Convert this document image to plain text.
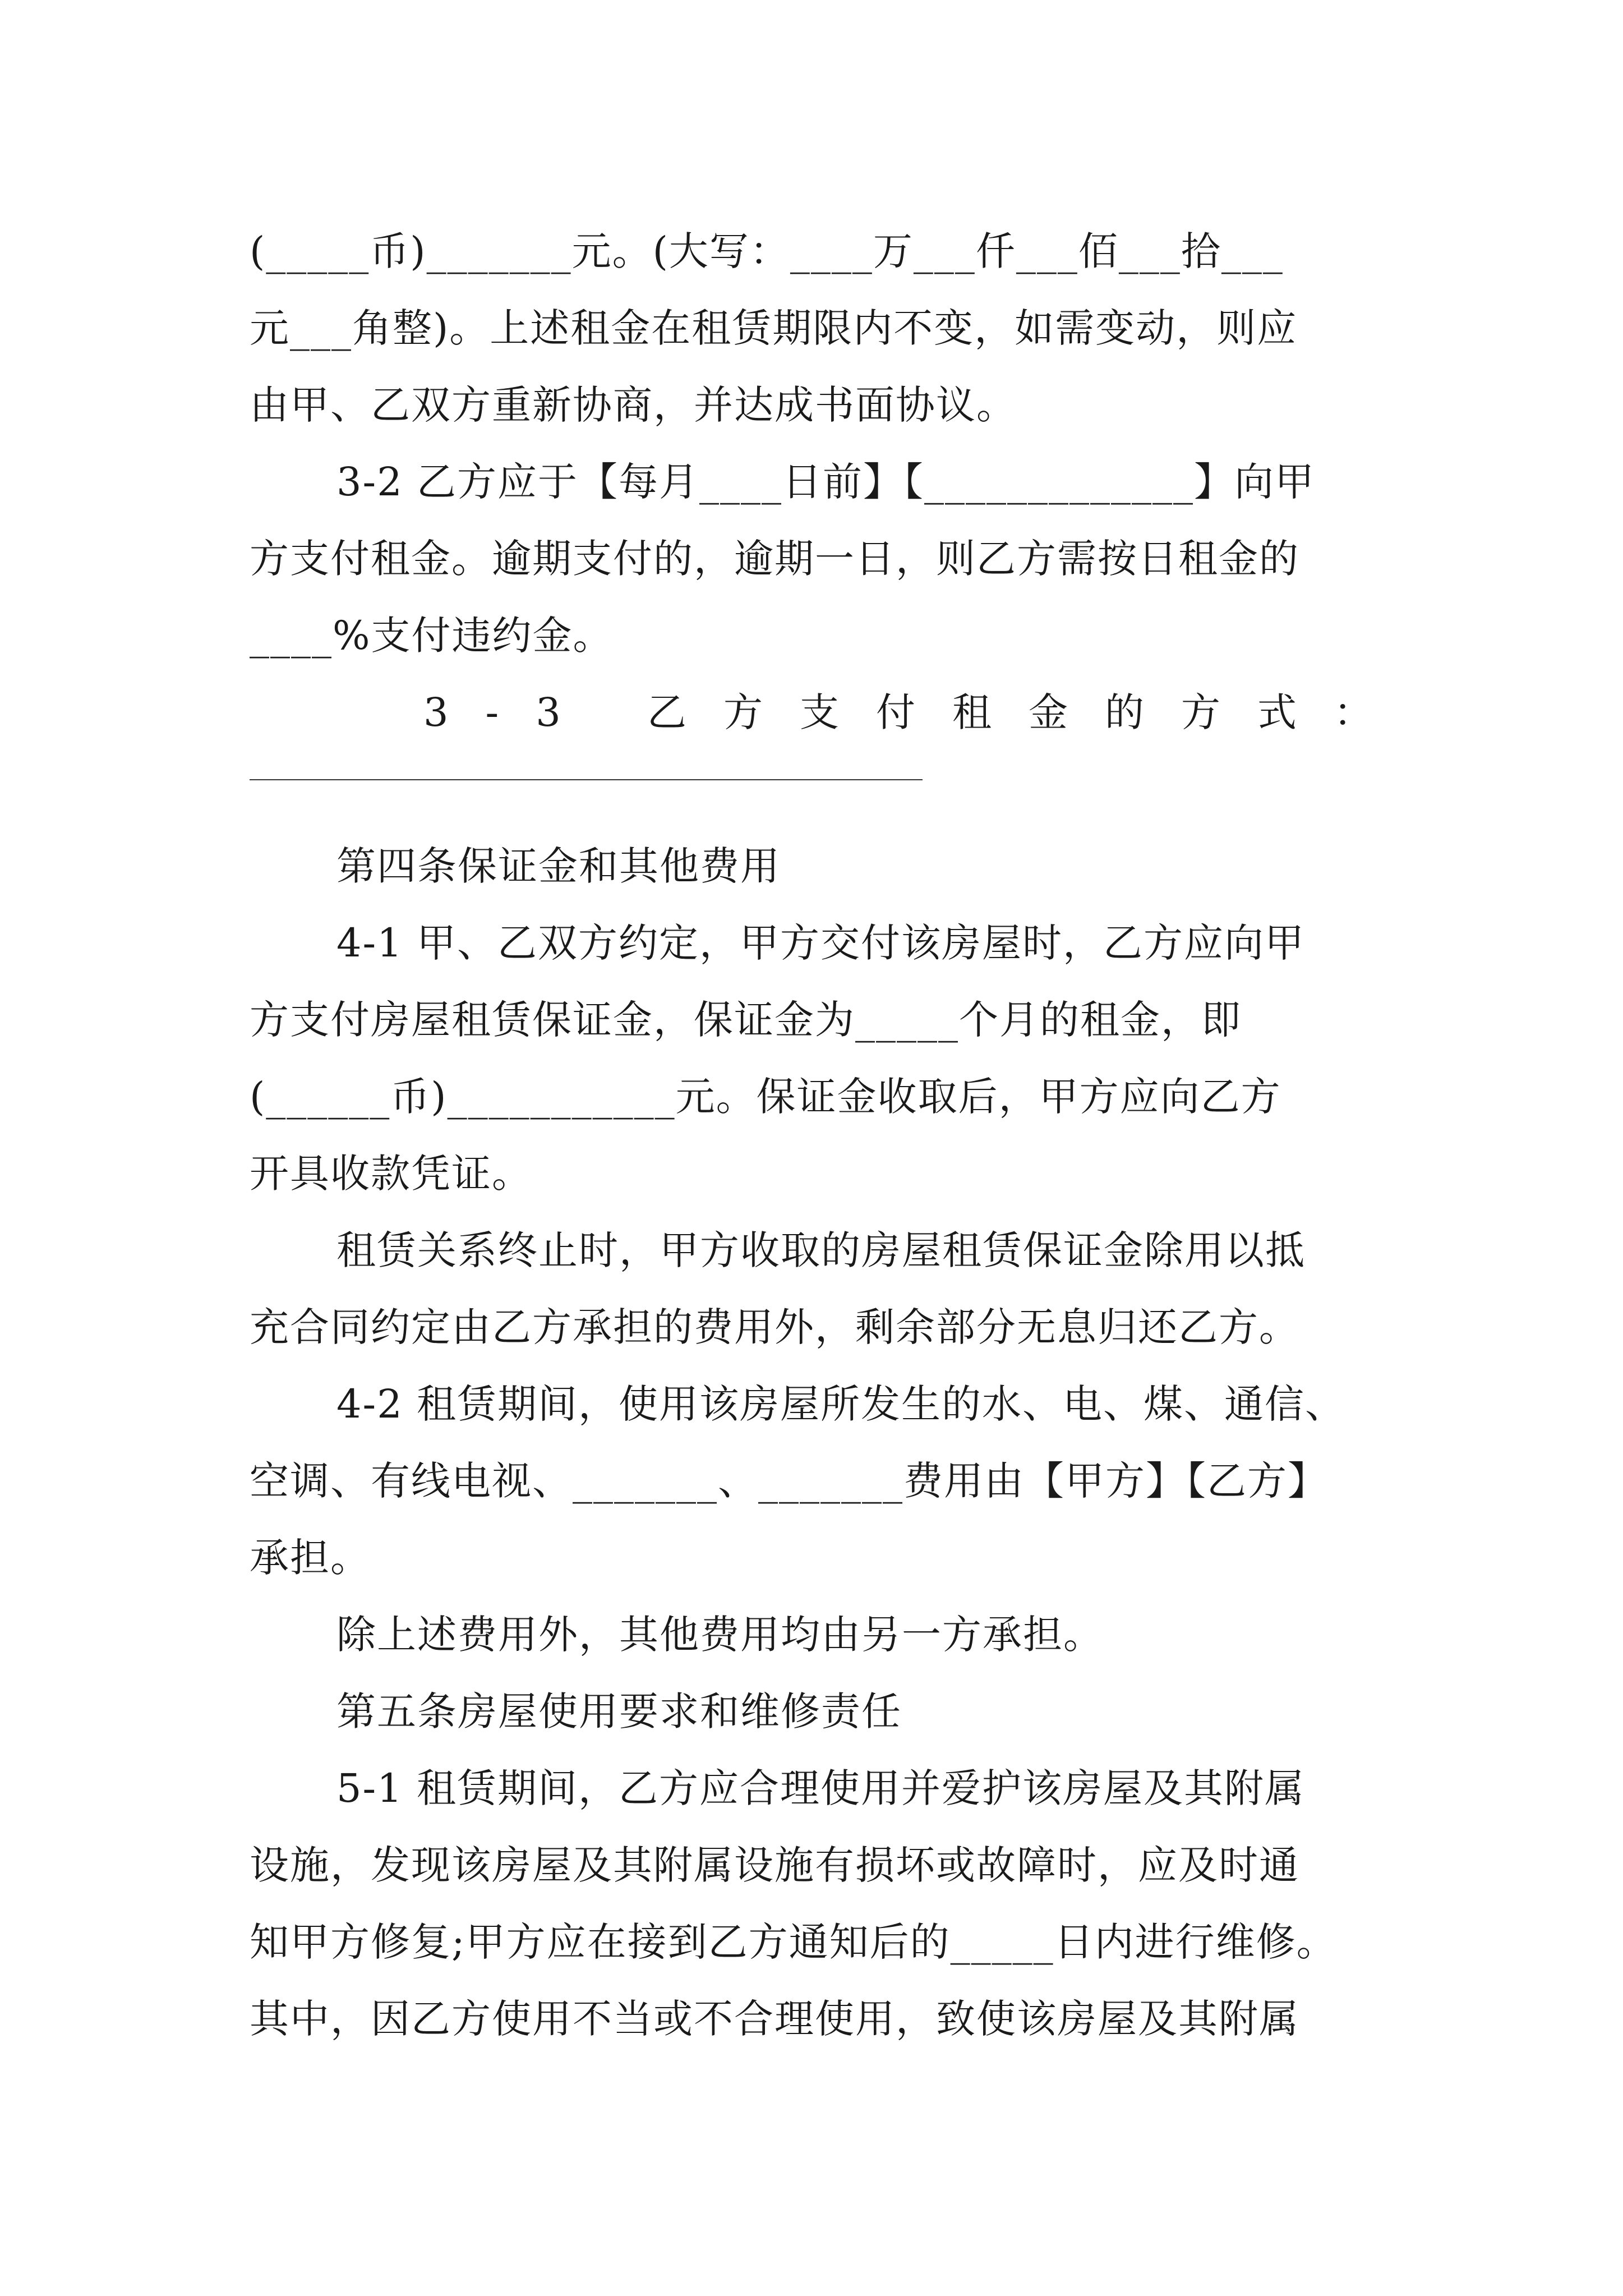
(_____币)_______元。(大写：____万___仟___佰___拾___
元___角整)。上述租金在租赁期限内不变，如需变动，则应
由甲、乙双方重新协商，并达成书面协议。
3-2 乙方应于【每月____日前】【_____________】向甲
方支付租金。逾期支付的，逾期一日，则乙方需按日租金的
____%支付违约金。
3-3 乙方支付租金的方式：
第四条保证金和其他费用
4-1 甲、乙双方约定，甲方交付该房屋时，乙方应向甲
方支付房屋租赁保证金，保证金为_____个月的租金，即
(______币)___________元。保证金收取后，甲方应向乙方
开具收款凭证。
租赁关系终止时，甲方收取的房屋租赁保证金除用以抵
充合同约定由乙方承担的费用外，剩余部分无息归还乙方。
4-2 租赁期间，使用该房屋所发生的水、电、煤、通信、
空调、有线电视、_______、_______费用由【甲方】【乙方】
承担。
除上述费用外，其他费用均由另一方承担。
第五条房屋使用要求和维修责任
5-1 租赁期间，乙方应合理使用并爱护该房屋及其附属
设施，发现该房屋及其附属设施有损坏或故障时，应及时通
知甲方修复;甲方应在接到乙方通知后的_____日内进行维修。
其中，因乙方使用不当或不合理使用，致使该房屋及其附属
